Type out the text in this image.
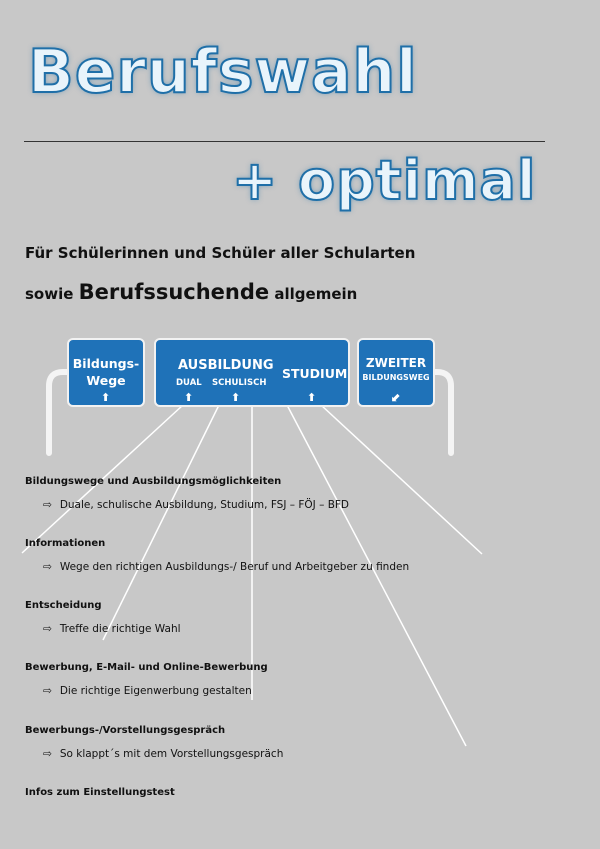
Berufswahl
+ optimal
Für Schülerinnen und Schüler aller Schularten
sowie Berufssuchende allgemein
Bildungs-
Wege
⬆
AUSBILDUNG
DUAL SCHULISCH
STUDIUM
⬆	⬆	⬆
ZWEITER
BILDUNGSWEG
⬋
Bildungswege und Ausbildungsmöglichkeiten
⇨ Duale, schulische Ausbildung, Studium, FSJ – FÖJ – BFD
Informationen
⇨ Wege den richtigen Ausbildungs-/ Beruf und Arbeitgeber zu finden
Entscheidung
⇨ Treffe die richtige Wahl
Bewerbung, E-Mail- und Online-Bewerbung
⇨ Die richtige Eigenwerbung gestalten
Bewerbungs-/Vorstellungsgespräch
⇨ So klappt´s mit dem Vorstellungsgespräch
Infos zum Einstellungstest
